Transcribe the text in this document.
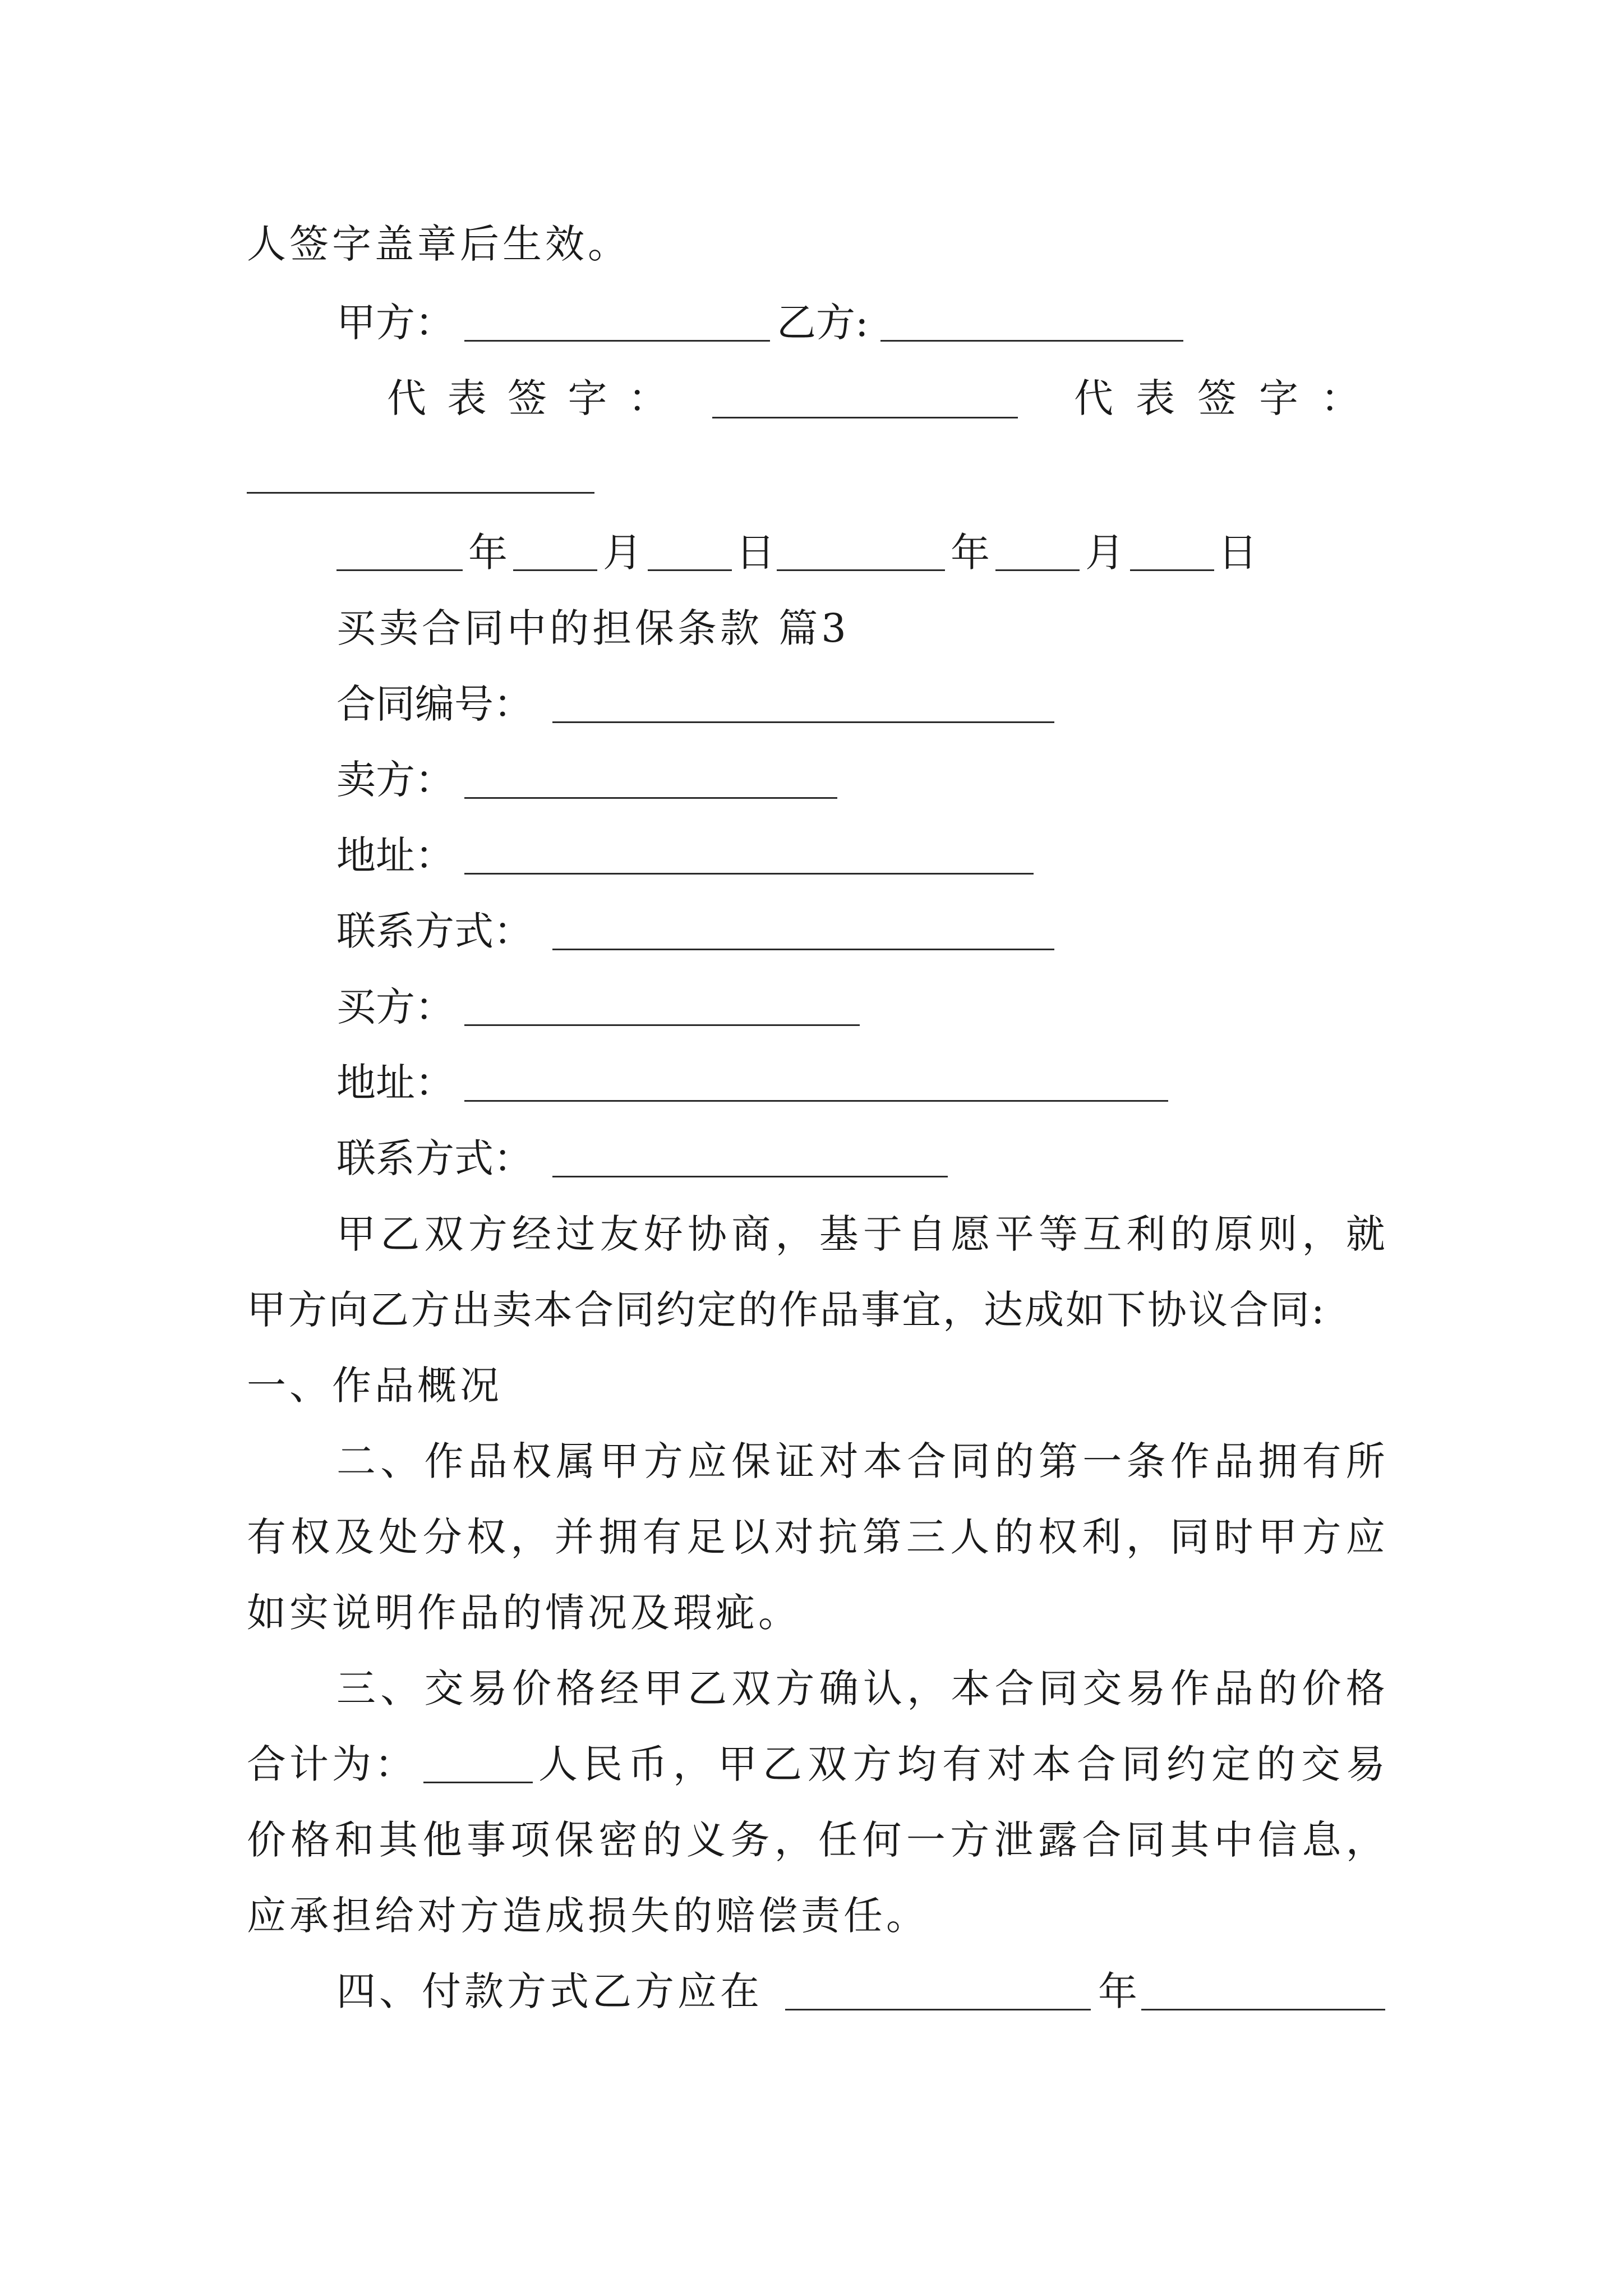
人签字盖章后生效。
甲方：	乙方:
代 表 签 字 ：	代 表 签 字 ：
年 月 日	年 月 日
买卖合同中的担保条款 篇3
合同编号：
卖方：
地址：
联系方式：
买方：
地址：
联系方式：
甲 乙 双 方 经 过 友 好 协 商 ， 基 于 自 愿 平 等 互 利 的 原 则 ， 就
甲方向乙方出卖本合同约定的作品事宜，达成如下协议合同:
一、作品概况
二 、 作 品 权 属 甲 方 应 保 证 对 本 合 同 的 第 一 条 作 品 拥 有 所
有 权 及 处 分 权 ， 并 拥 有 足 以 对 抗 第 三 人 的 权 利 ， 同 时 甲 方 应
如实说明作品的情况及瑕疵。
三 、 交 易 价 格 经 甲 乙 双 方 确 认 ， 本 合 同 交 易 作 品 的 价 格
合计为：	人 民 币 ， 甲 乙 双 方 均 有 对 本 合 同 约 定 的 交 易
价 格 和 其 他 事 项 保 密 的 义 务 ， 任 何 一 方 泄 露 合 同 其 中 信 息 ，
应承担给对方造成损失的赔偿责任。
四、付款方式乙方应在	年
